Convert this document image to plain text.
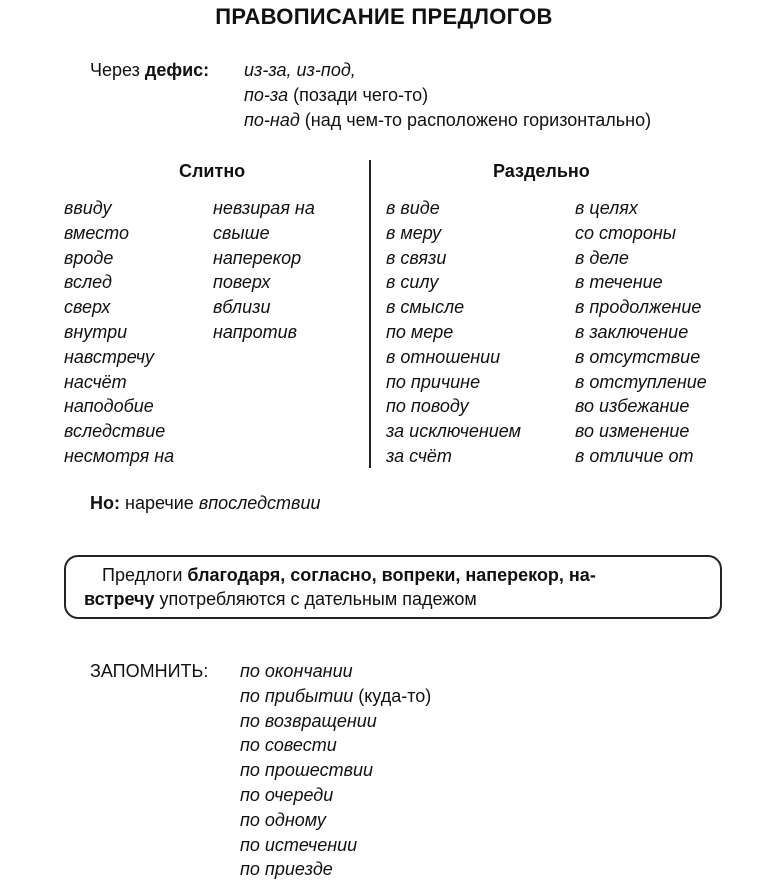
ПРАВОПИСАНИЕ ПРЕДЛОГОВ
Через дефис: из-за, из-под,
по-за (позади чего-то)
по-над (над чем-то расположено горизонтально)
Слитно	Раздельно
ввиду
вместо
вроде
вслед
сверх
внутри
навстречу
насчёт
наподобие
вследствие
несмотря на
невзирая на
свыше
наперекор
поверх
вблизи
напротив
в виде
в меру
в связи
в силу
в смысле
по мере
в отношении
по причине
по поводу
за исключением
за счёт
в целях
со стороны
в деле
в течение
в продолжение
в заключение
в отсутствие
в отступление
во избежание
во изменение
в отличие от
Но: наречие впоследствии
Предлоги благодаря, согласно, вопреки, наперекор, на-
встречу употребляются с дательным падежом
ЗАПОМНИТЬ: по окончании
по прибытии (куда-то)
по возвращении
по совести
по прошествии
по очереди
по одному
по истечении
по приезде
